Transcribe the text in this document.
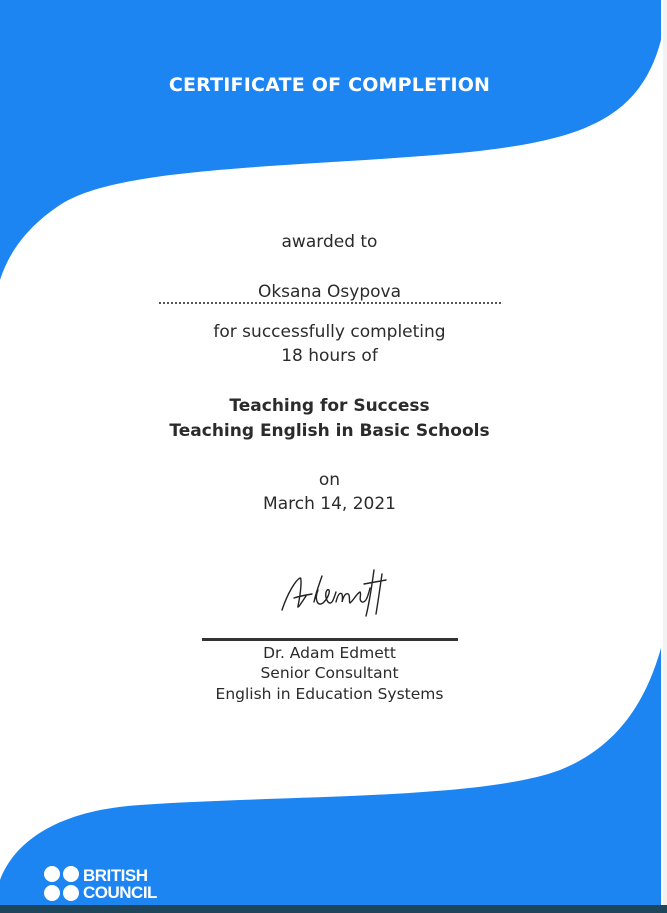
CERTIFICATE OF COMPLETION
awarded to
Oksana Osypova
for successfully completing
18 hours of
Teaching for Success
Teaching English in Basic Schools
on
March 14, 2021
Dr. Adam Edmett
Senior Consultant
English in Education Systems
BRITISH
COUNCIL
